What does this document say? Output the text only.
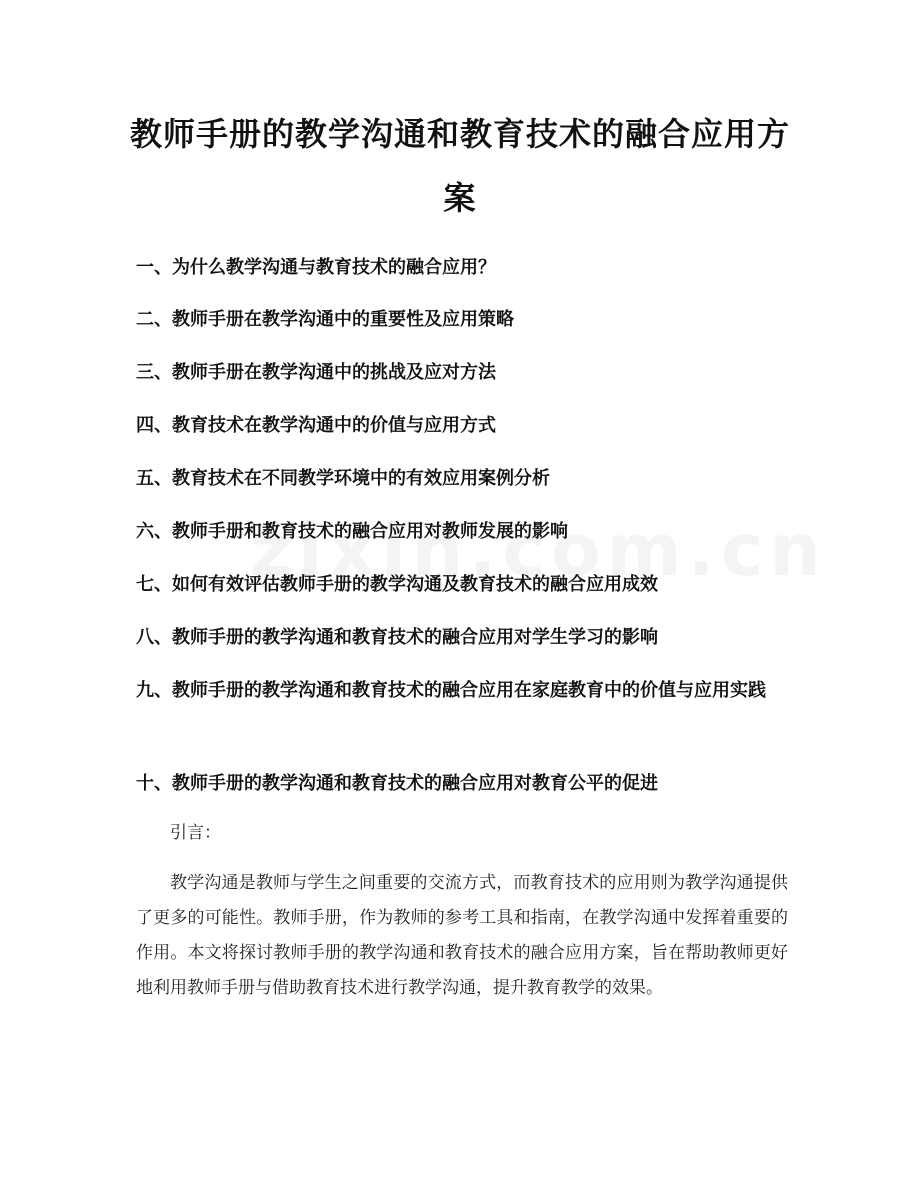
教师手册的教学沟通和教育技术的融合应用方案
一、为什么教学沟通与教育技术的融合应用？
二、教师手册在教学沟通中的重要性及应用策略
三、教师手册在教学沟通中的挑战及应对方法
四、教育技术在教学沟通中的价值与应用方式
五、教育技术在不同教学环境中的有效应用案例分析
六、教师手册和教育技术的融合应用对教师发展的影响
七、如何有效评估教师手册的教学沟通及教育技术的融合应用成效
八、教师手册的教学沟通和教育技术的融合应用对学生学习的影响
九、教师手册的教学沟通和教育技术的融合应用在家庭教育中的价值与应用实践
十、教师手册的教学沟通和教育技术的融合应用对教育公平的促进
引言：

教学沟通是教师与学生之间重要的交流方式，而教育技术的应用则为教学沟通提供了更多的可能性。教师手册，作为教师的参考工具和指南，在教学沟通中发挥着重要的作用。本文将探讨教师手册的教学沟通和教育技术的融合应用方案，旨在帮助教师更好地利用教师手册与借助教育技术进行教学沟通，提升教育教学的效果。
